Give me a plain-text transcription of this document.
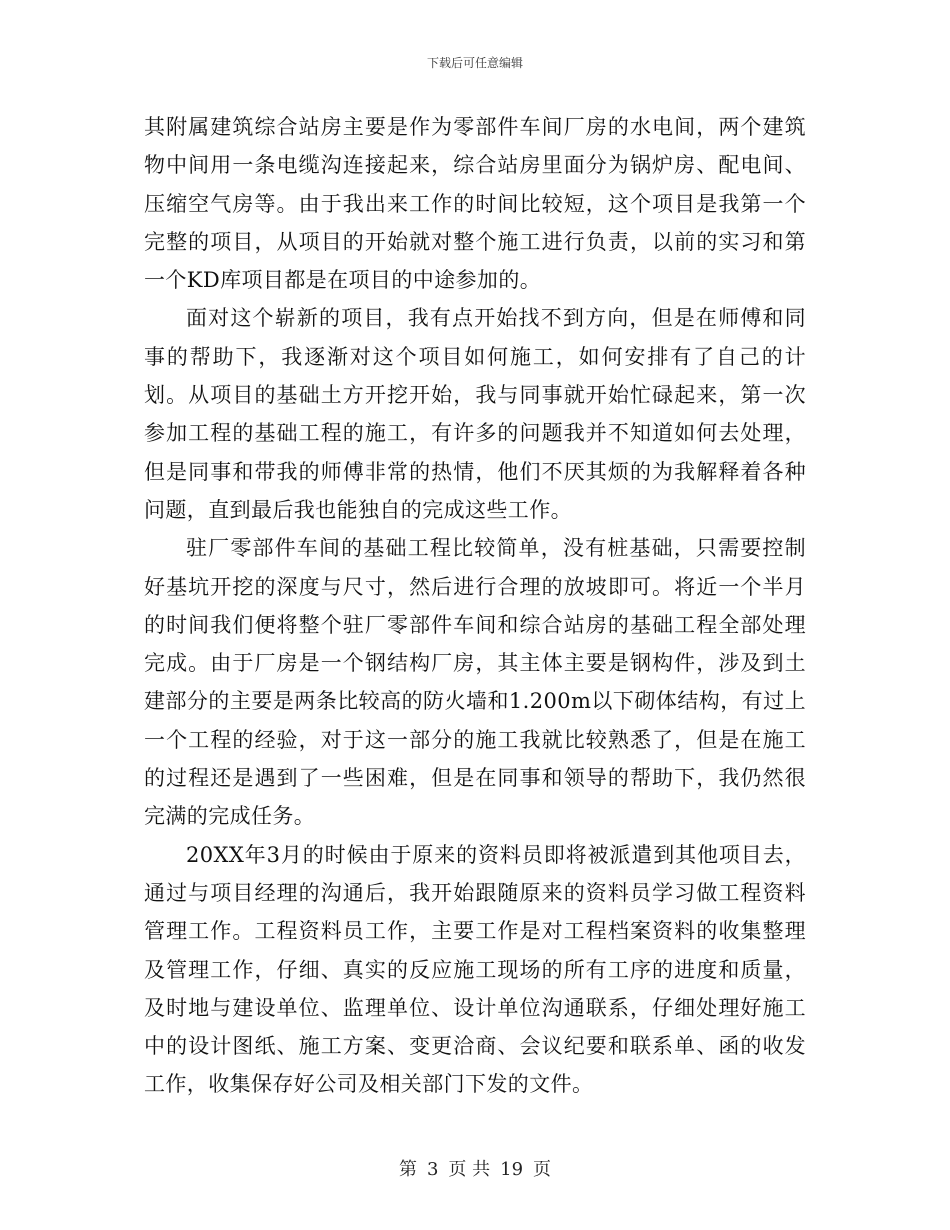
下载后可任意编辑

其附属建筑综合站房主要是作为零部件车间厂房的水电间，两个建筑物中间用一条电缆沟连接起来，综合站房里面分为锅炉房、配电间、压缩空气房等。由于我出来工作的时间比较短，这个项目是我第一个完整的项目，从项目的开始就对整个施工进行负责，以前的实习和第一个KD库项目都是在项目的中途参加的。

面对这个崭新的项目，我有点开始找不到方向，但是在师傅和同事的帮助下，我逐渐对这个项目如何施工，如何安排有了自己的计划。从项目的基础土方开挖开始，我与同事就开始忙碌起来，第一次参加工程的基础工程的施工，有许多的问题我并不知道如何去处理，但是同事和带我的师傅非常的热情，他们不厌其烦的为我解释着各种问题，直到最后我也能独自的完成这些工作。

驻厂零部件车间的基础工程比较简单，没有桩基础，只需要控制好基坑开挖的深度与尺寸，然后进行合理的放坡即可。将近一个半月的时间我们便将整个驻厂零部件车间和综合站房的基础工程全部处理完成。由于厂房是一个钢结构厂房，其主体主要是钢构件，涉及到土建部分的主要是两条比较高的防火墙和1.200m以下砌体结构，有过上一个工程的经验，对于这一部分的施工我就比较熟悉了，但是在施工的过程还是遇到了一些困难，但是在同事和领导的帮助下，我仍然很完满的完成任务。

20XX年3月的时候由于原来的资料员即将被派遣到其他项目去，通过与项目经理的沟通后，我开始跟随原来的资料员学习做工程资料管理工作。工程资料员工作，主要工作是对工程档案资料的收集整理及管理工作，仔细、真实的反应施工现场的所有工序的进度和质量，及时地与建设单位、监理单位、设计单位沟通联系，仔细处理好施工中的设计图纸、施工方案、变更洽商、会议纪要和联系单、函的收发工作，收集保存好公司及相关部门下发的文件。

第 3 页 共 19 页
